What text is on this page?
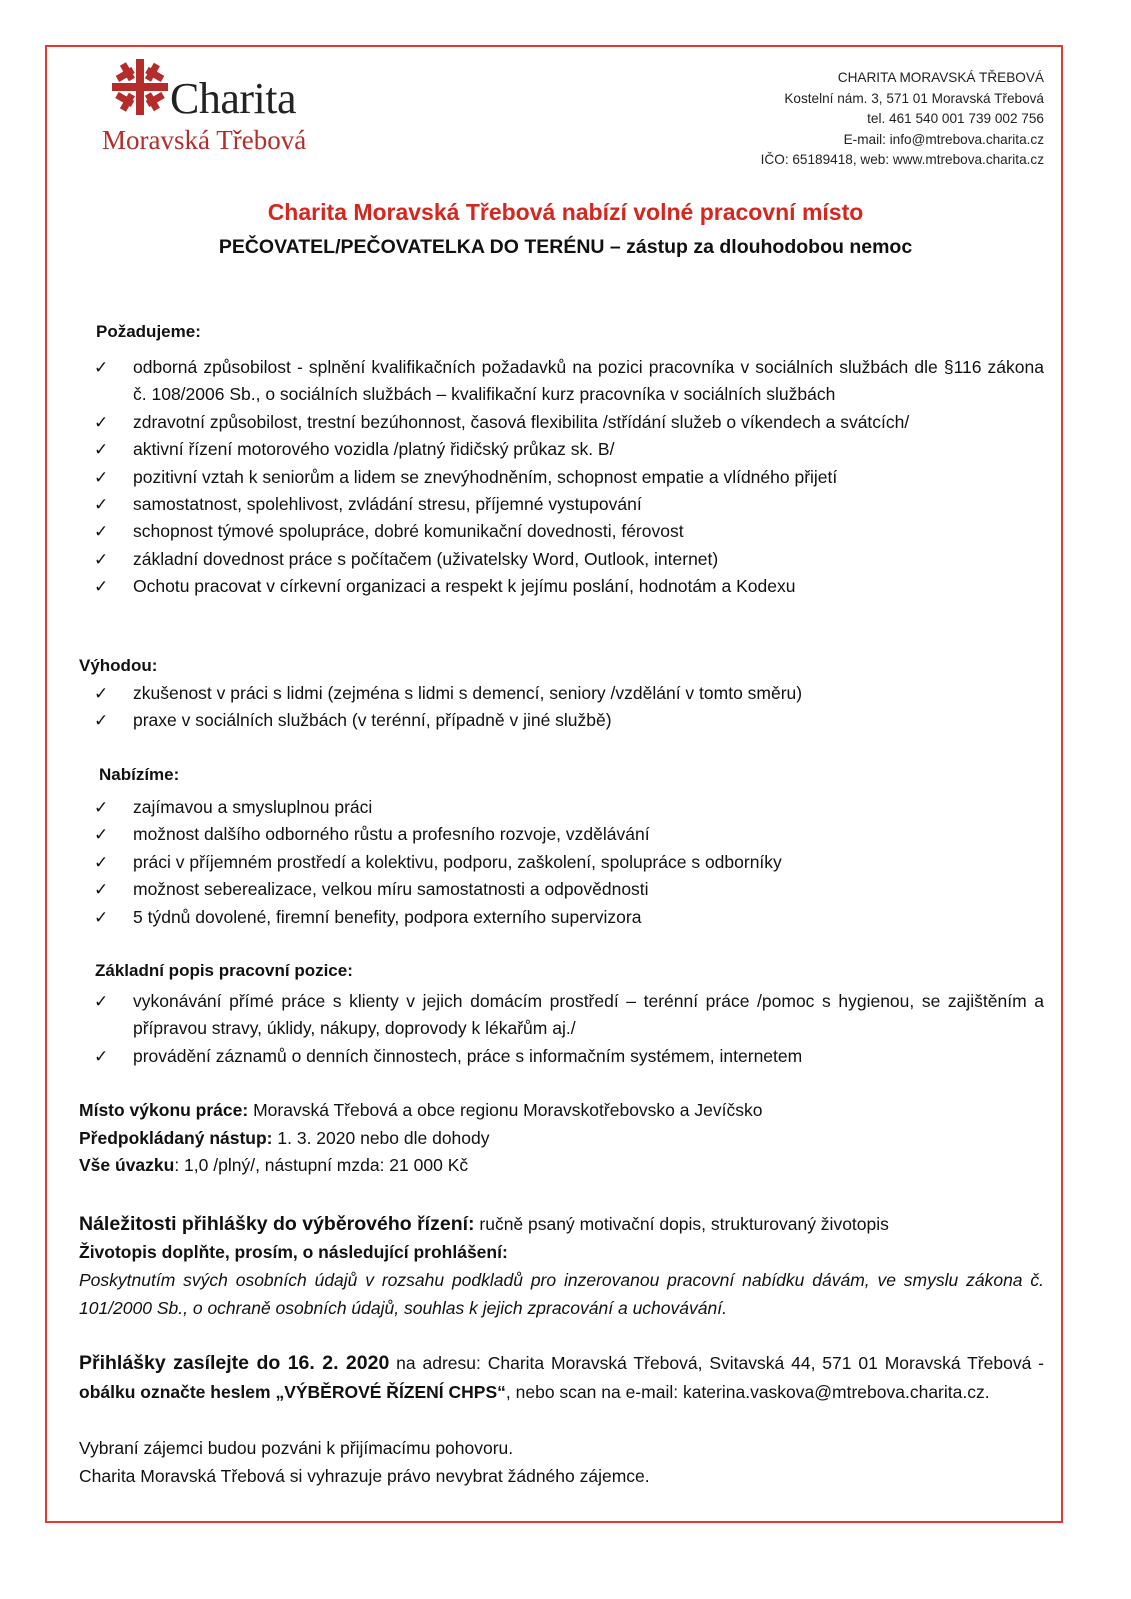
Charita
Moravská Třebová
CHARITA MORAVSKÁ TŘEBOVÁ
Kostelní nám. 3, 571 01 Moravská Třebová
tel. 461 540 001 739 002 756
E-mail: info@mtrebova.charita.cz
IČO: 65189418, web: www.mtrebova.charita.cz
Charita Moravská Třebová nabízí volné pracovní místo
PEČOVATEL/PEČOVATELKA DO TERÉNU – zástup za dlouhodobou nemoc
Požadujeme:
✓ odborná způsobilost - splnění kvalifikačních požadavků na pozici pracovníka v sociálních službách dle §116 zákona č. 108/2006 Sb., o sociálních službách – kvalifikační kurz pracovníka v sociálních službách
✓ zdravotní způsobilost, trestní bezúhonnost, časová flexibilita /střídání služeb o víkendech a svátcích/
✓ aktivní řízení motorového vozidla /platný řidičský průkaz sk. B/
✓ pozitivní vztah k seniorům a lidem se znevýhodněním, schopnost empatie a vlídného přijetí
✓ samostatnost, spolehlivost, zvládání stresu, příjemné vystupování
✓ schopnost týmové spolupráce, dobré komunikační dovednosti, férovost
✓ základní dovednost práce s počítačem (uživatelsky Word, Outlook, internet)
✓ Ochotu pracovat v církevní organizaci a respekt k jejímu poslání, hodnotám a Kodexu
Výhodou:
✓ zkušenost v práci s lidmi (zejména s lidmi s demencí, seniory /vzdělání v tomto směru)
✓ praxe v sociálních službách (v terénní, případně v jiné službě)
Nabízíme:
✓ zajímavou a smysluplnou práci
✓ možnost dalšího odborného růstu a profesního rozvoje, vzdělávání
✓ práci v příjemném prostředí a kolektivu, podporu, zaškolení, spolupráce s odborníky
✓ možnost seberealizace, velkou míru samostatnosti a odpovědnosti
✓ 5 týdnů dovolené, firemní benefity, podpora externího supervizora
Základní popis pracovní pozice:
✓ vykonávání přímé práce s klienty v jejich domácím prostředí – terénní práce /pomoc s hygienou, se zajištěním a přípravou stravy, úklidy, nákupy, doprovody k lékařům aj./
✓ provádění záznamů o denních činnostech, práce s informačním systémem, internetem
Místo výkonu práce: Moravská Třebová a obce regionu Moravskotřebovsko a Jevíčsko
Předpokládaný nástup: 1. 3. 2020 nebo dle dohody
Vše úvazku: 1,0 /plný/, nástupní mzda: 21 000 Kč
Náležitosti přihlášky do výběrového řízení: ručně psaný motivační dopis, strukturovaný životopis
Životopis doplňte, prosím, o následující prohlášení:
Poskytnutím svých osobních údajů v rozsahu podkladů pro inzerovanou pracovní nabídku dávám, ve smyslu zákona č. 101/2000 Sb., o ochraně osobních údajů, souhlas k jejich zpracování a uchovávání.
Přihlášky zasílejte do 16. 2. 2020 na adresu: Charita Moravská Třebová, Svitavská 44, 571 01 Moravská Třebová - obálku označte heslem „VÝBĚROVÉ ŘÍZENÍ CHPS“, nebo scan na e-mail: katerina.vaskova@mtrebova.charita.cz.
Vybraní zájemci budou pozváni k přijímacímu pohovoru.
Charita Moravská Třebová si vyhrazuje právo nevybrat žádného zájemce.
